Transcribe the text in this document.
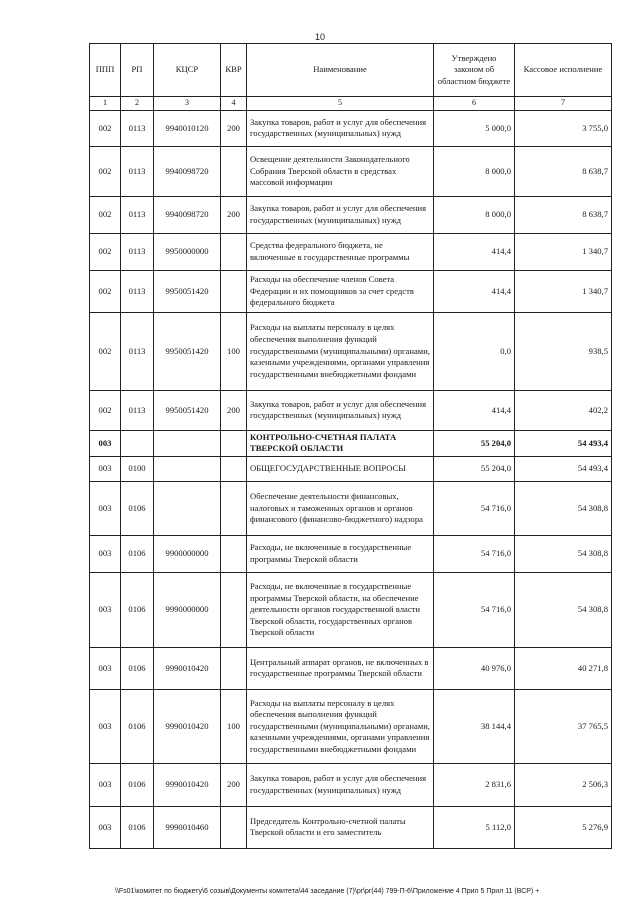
10
ППП	РП	КЦСР	КВР	Наименование	Утверждено законом об областном бюджете	Кассовое исполнение
1	2	3	4	5	6	7
002	0113	9940010120	200	Закупка товаров, работ и услуг для обеспечения государственных (муниципальных) нужд	5 000,0	3 755,0
002	0113	9940098720		Освещение деятельности Законодательного Собрания Тверской области в средствах массовой информации	8 000,0	8 638,7
002	0113	9940098720	200	Закупка товаров, работ и услуг для обеспечения государственных (муниципальных) нужд	8 000,0	8 638,7
002	0113	9950000000		Средства федерального бюджета, не включенные в государственные программы	414,4	1 340,7
002	0113	9950051420		Расходы на обеспечение членов Совета Федерации и их помощников за счет средств федерального бюджета	414,4	1 340,7
002	0113	9950051420	100	Расходы на выплаты персоналу в целях обеспечения выполнения функций государственными (муниципальными) органами, казенными учреждениями, органами управления государственными внебюджетными фондами	0,0	938,5
002	0113	9950051420	200	Закупка товаров, работ и услуг для обеспечения государственных (муниципальных) нужд	414,4	402,2
003				КОНТРОЛЬНО-СЧЕТНАЯ ПАЛАТА ТВЕРСКОЙ ОБЛАСТИ	55 204,0	54 493,4
003	0100			ОБЩЕГОСУДАРСТВЕННЫЕ ВОПРОСЫ	55 204,0	54 493,4
003	0106			Обеспечение деятельности финансовых, налоговых и таможенных органов и органов финансового (финансово-бюджетного) надзора	54 716,0	54 308,8
003	0106	9900000000		Расходы, не включенные в государственные программы Тверской области	54 716,0	54 308,8
003	0106	9990000000		Расходы, не включенные в государственные программы Тверской области, на обеспечение деятельности органов государственной власти Тверской области, государственных органов Тверской области	54 716,0	54 308,8
003	0106	9990010420		Центральный аппарат органов, не включенных в государственные программы Тверской области	40 976,0	40 271,8
003	0106	9990010420	100	Расходы на выплаты персоналу в целях обеспечения выполнения функций государственными (муниципальными) органами, казенными учреждениями, органами управления государственными внебюджетными фондами	38 144,4	37 765,5
003	0106	9990010420	200	Закупка товаров, работ и услуг для обеспечения государственных (муниципальных) нужд	2 831,6	2 506,3
003	0106	9990010460		Председатель Контрольно-счетной палаты Тверской области и его заместитель	5 112,0	5 276,9
\\Fs01\комитет по бюджету\6 созыв\Документы комитета\44 заседание (7)\pr\pr(44) 799-П-6\Приложение 4 Прил 5 Прил 11 (ВСР) +
